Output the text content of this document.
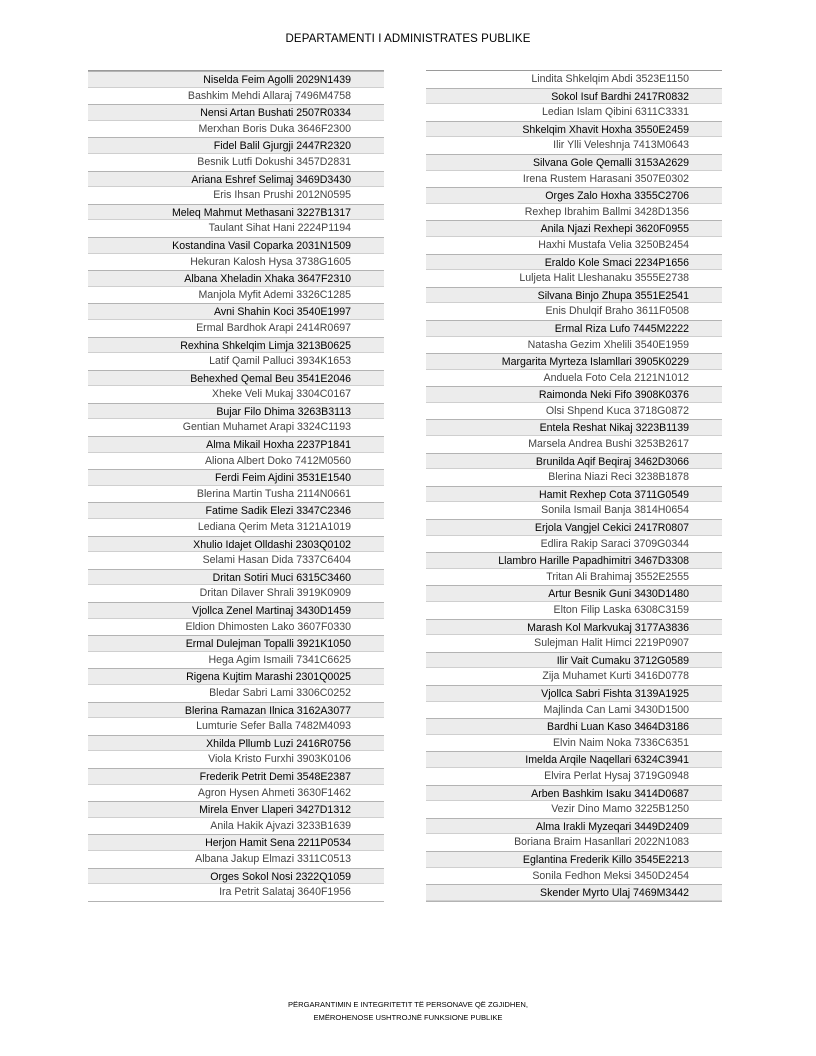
DEPARTAMENTI I ADMINISTRATES PUBLIKE
Niselda Feim Agolli 2029N1439
Bashkim Mehdi Allaraj 7496M4758
Nensi Artan Bushati 2507R0334
Merxhan Boris Duka 3646F2300
Fidel Balil Gjurgji 2447R2320
Besnik Lutfi Dokushi 3457D2831
Ariana Eshref Selimaj 3469D3430
Eris Ihsan Prushi 2012N0595
Meleq Mahmut Methasani 3227B1317
Taulant Sihat Hani 2224P1194
Kostandina Vasil Coparka 2031N1509
Hekuran Kalosh Hysa 3738G1605
Albana Xheladin Xhaka 3647F2310
Manjola Myfit Ademi 3326C1285
Avni Shahin Koci 3540E1997
Ermal Bardhok Arapi 2414R0697
Rexhina Shkelqim Limja 3213B0625
Latif Qamil Palluci 3934K1653
Behexhed Qemal Beu 3541E2046
Xheke Veli Mukaj 3304C0167
Bujar Filo Dhima 3263B3113
Gentian Muhamet Arapi 3324C1193
Alma Mikail Hoxha 2237P1841
Aliona Albert Doko 7412M0560
Ferdi Feim Ajdini 3531E1540
Blerina Martin Tusha 2114N0661
Fatime Sadik Elezi 3347C2346
Lediana Qerim Meta 3121A1019
Xhulio Idajet Olldashi 2303Q0102
Selami Hasan Dida 7337C6404
Dritan Sotiri Muci 6315C3460
Dritan Dilaver Shrali 3919K0909
Vjollca Zenel Martinaj 3430D1459
Eldion Dhimosten Lako 3607F0330
Ermal Dulejman Topalli 3921K1050
Hega Agim Ismaili 7341C6625
Rigena Kujtim Marashi 2301Q0025
Bledar Sabri Lami 3306C0252
Blerina Ramazan Ilnica 3162A3077
Lumturie Sefer Balla 7482M4093
Xhilda Pllumb Luzi 2416R0756
Viola Kristo Furxhi 3903K0106
Frederik Petrit Demi 3548E2387
Agron Hysen Ahmeti 3630F1462
Mirela Enver Llaperi 3427D1312
Anila Hakik Ajvazi 3233B1639
Herjon Hamit Sena 2211P0534
Albana Jakup Elmazi 3311C0513
Orges Sokol Nosi 2322Q1059
Ira Petrit Salataj 3640F1956
Lindita Shkelqim Abdi 3523E1150
Sokol Isuf Bardhi 2417R0832
Ledian Islam Qibini 6311C3331
Shkelqim Xhavit Hoxha 3550E2459
Ilir Ylli Veleshnja 7413M0643
Silvana Gole Qemalli 3153A2629
Irena Rustem Harasani 3507E0302
Orges Zalo Hoxha 3355C2706
Rexhep Ibrahim Ballmi 3428D1356
Anila Njazi Rexhepi 3620F0955
Haxhi Mustafa Velia 3250B2454
Eraldo Kole Smaci 2234P1656
Luljeta Halit Lleshanaku 3555E2738
Silvana Binjo Zhupa 3551E2541
Enis Dhulqif Braho 3611F0508
Ermal Riza Lufo 7445M2222
Natasha Gezim Xhelili 3540E1959
Margarita Myrteza Islamllari 3905K0229
Anduela Foto Cela 2121N1012
Raimonda Neki Fifo 3908K0376
Olsi Shpend Kuca 3718G0872
Entela Reshat Nikaj 3223B1139
Marsela Andrea Bushi 3253B2617
Brunilda Aqif Beqiraj 3462D3066
Blerina Niazi Reci 3238B1878
Hamit Rexhep Cota 3711G0549
Sonila Ismail Banja 3814H0654
Erjola Vangjel Cekici 2417R0807
Edlira Rakip Saraci 3709G0344
Llambro Harille Papadhimitri 3467D3308
Tritan Ali Brahimaj 3552E2555
Artur Besnik Guni 3430D1480
Elton Filip Laska 6308C3159
Marash Kol Markvukaj 3177A3836
Sulejman Halit Himci 2219P0907
Ilir Vait Cumaku 3712G0589
Zija Muhamet Kurti 3416D0778
Vjollca Sabri Fishta 3139A1925
Majlinda Can Lami 3430D1500
Bardhi Luan Kaso 3464D3186
Elvin Naim Noka 7336C6351
Imelda Arqile Naqellari 6324C3941
Elvira Perlat Hysaj 3719G0948
Arben Bashkim Isaku 3414D0687
Vezir Dino Mamo 3225B1250
Alma Irakli Myzeqari 3449D2409
Boriana Braim Hasanllari 2022N1083
Eglantina Frederik Killo 3545E2213
Sonila Fedhon Meksi 3450D2454
Skender Myrto Ulaj 7469M3442
PËRGARANTIMIN E INTEGRITETIT TË PERSONAVE QË ZGJIDHEN,
EMËROHENOSE USHTROJNË FUNKSIONE PUBLIKE
